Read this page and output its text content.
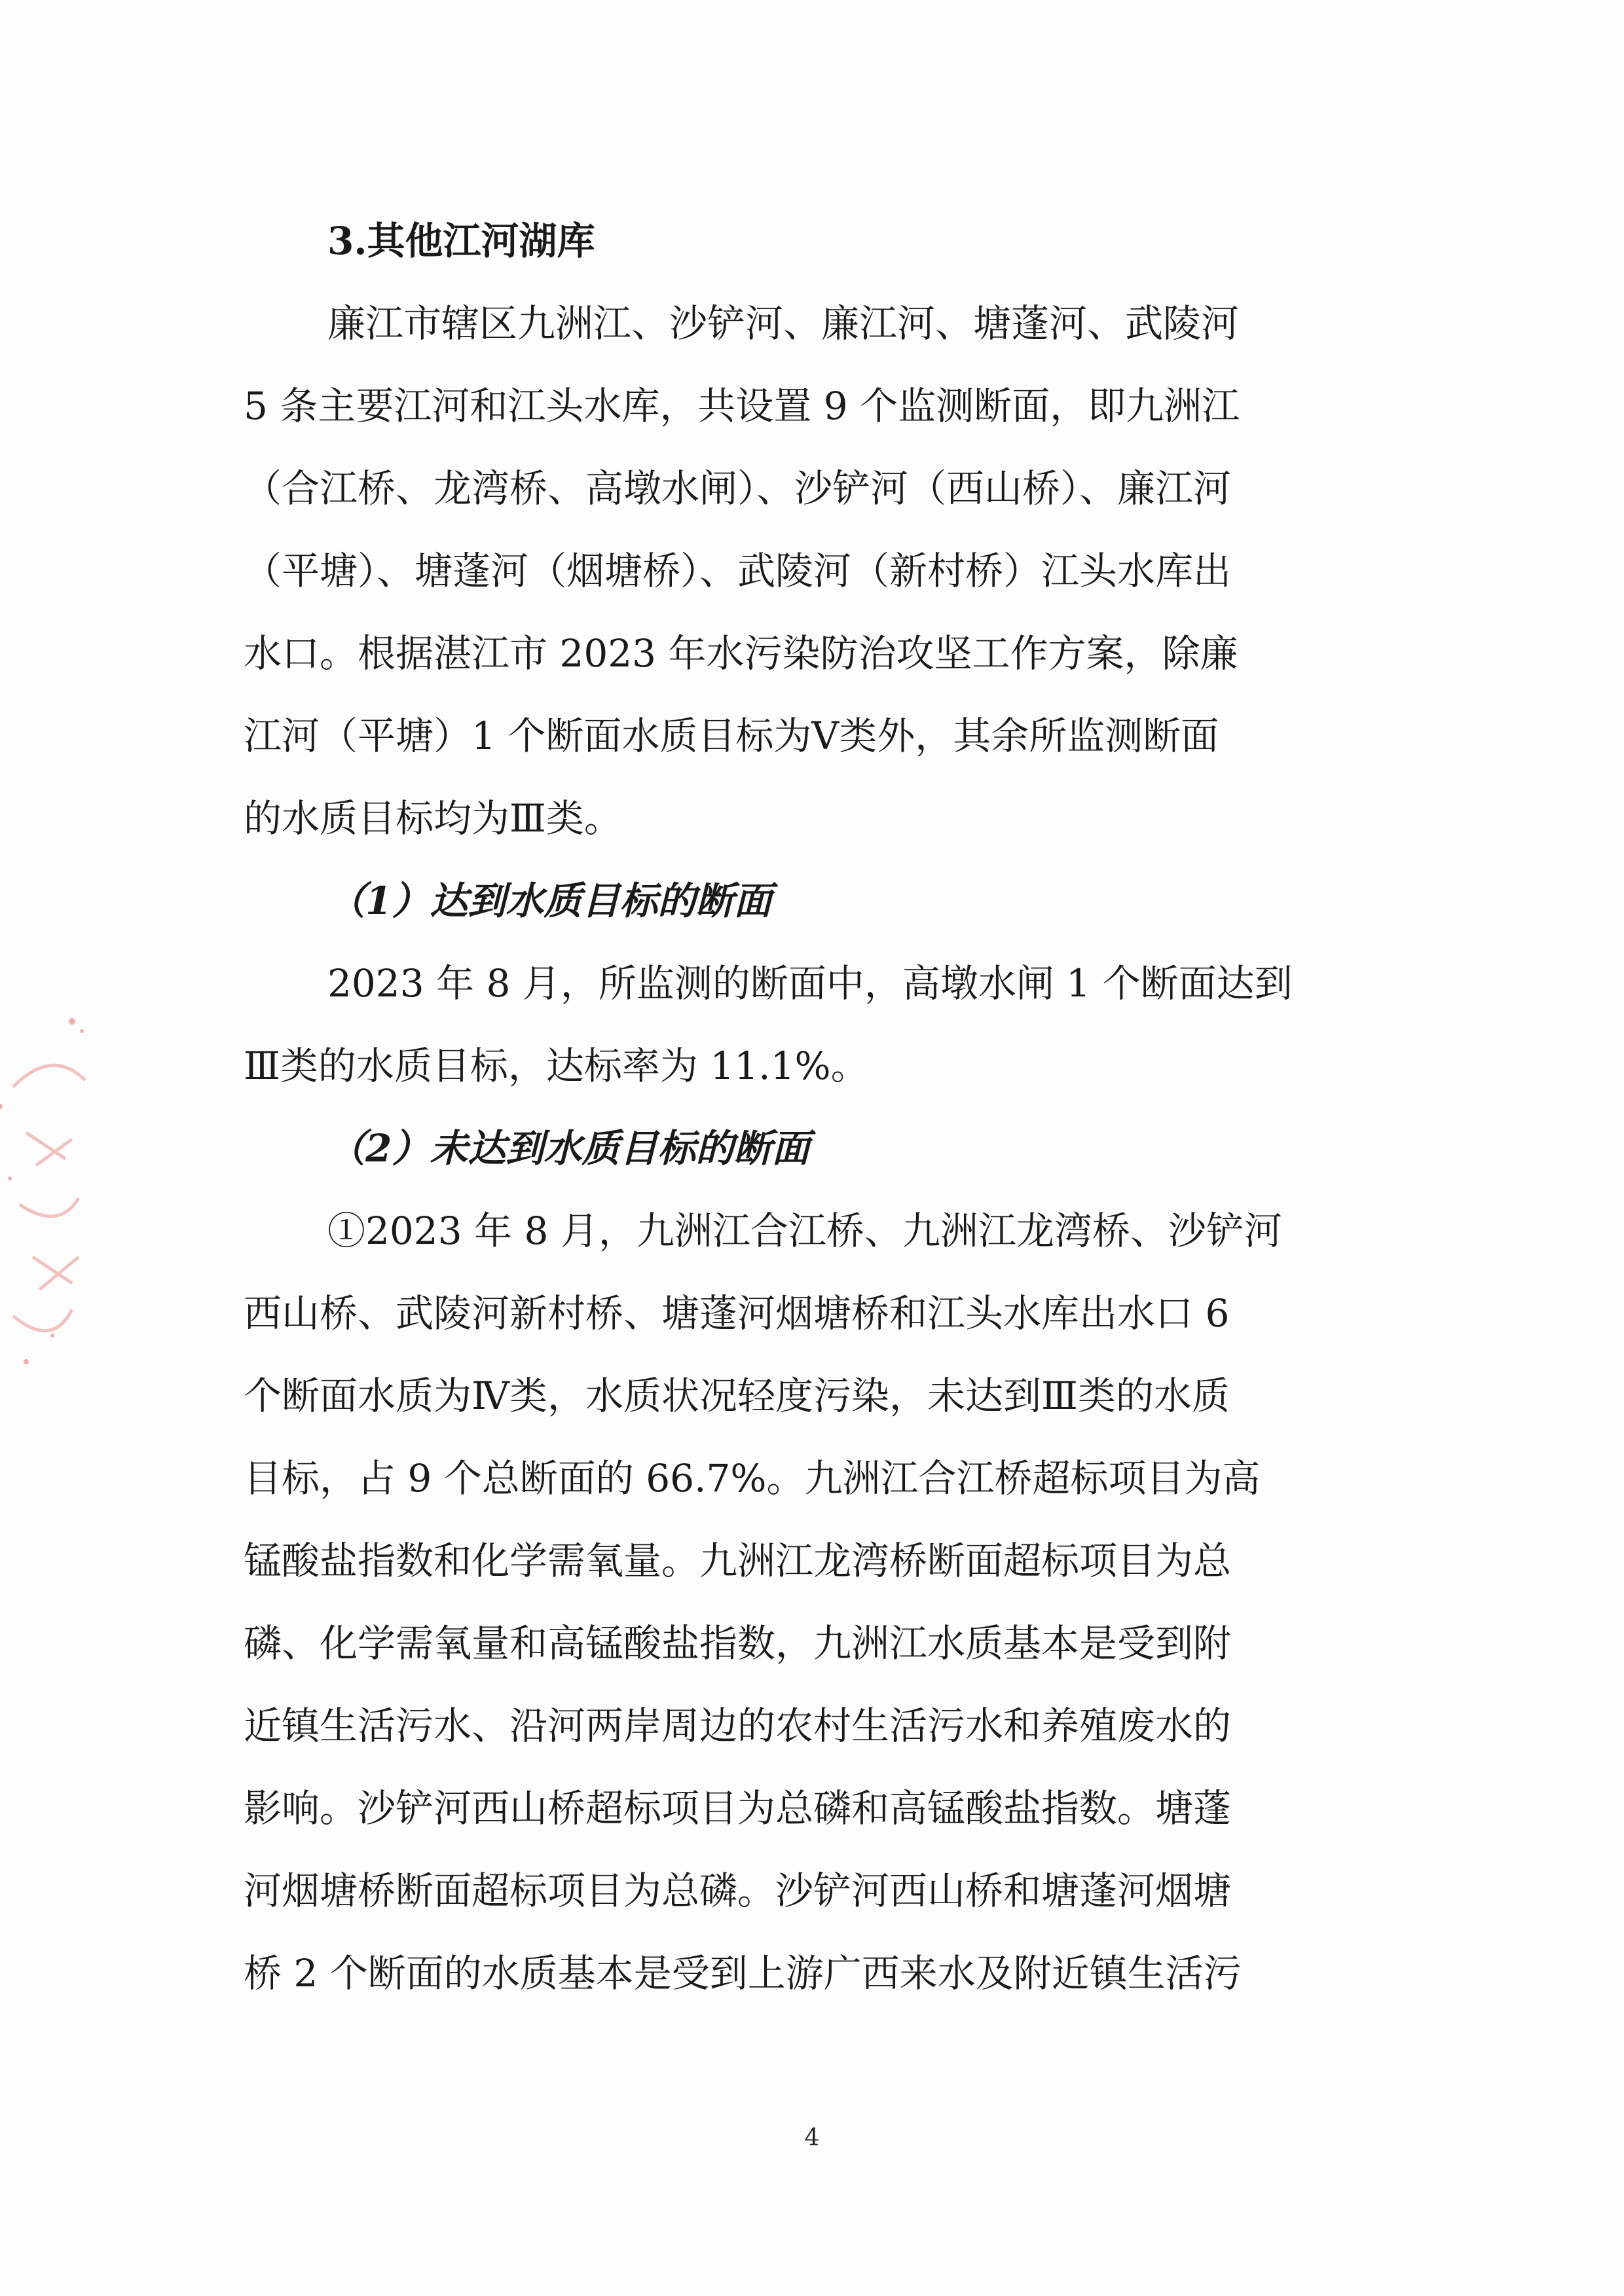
3.其他江河湖库
廉江市辖区九洲江、沙铲河、廉江河、塘蓬河、武陵河
5 条主要江河和江头水库，共设置 9 个监测断面，即九洲江
（合江桥、龙湾桥、高墩水闸）、沙铲河（西山桥）、廉江河
（平塘）、塘蓬河（烟塘桥）、武陵河（新村桥）江头水库出
水口。根据湛江市 2023 年水污染防治攻坚工作方案，除廉
江河（平塘）1 个断面水质目标为Ⅴ类外，其余所监测断面
的水质目标均为Ⅲ类。
（1）达到水质目标的断面
2023 年 8 月，所监测的断面中，高墩水闸 1 个断面达到
Ⅲ类的水质目标，达标率为 11.1%。
（2）未达到水质目标的断面
①2023 年 8 月，九洲江合江桥、九洲江龙湾桥、沙铲河
西山桥、武陵河新村桥、塘蓬河烟塘桥和江头水库出水口 6
个断面水质为Ⅳ类，水质状况轻度污染，未达到Ⅲ类的水质
目标，占 9 个总断面的 66.7%。九洲江合江桥超标项目为高
锰酸盐指数和化学需氧量。九洲江龙湾桥断面超标项目为总
磷、化学需氧量和高锰酸盐指数，九洲江水质基本是受到附
近镇生活污水、沿河两岸周边的农村生活污水和养殖废水的
影响。沙铲河西山桥超标项目为总磷和高锰酸盐指数。塘蓬
河烟塘桥断面超标项目为总磷。沙铲河西山桥和塘蓬河烟塘
桥 2 个断面的水质基本是受到上游广西来水及附近镇生活污
4
